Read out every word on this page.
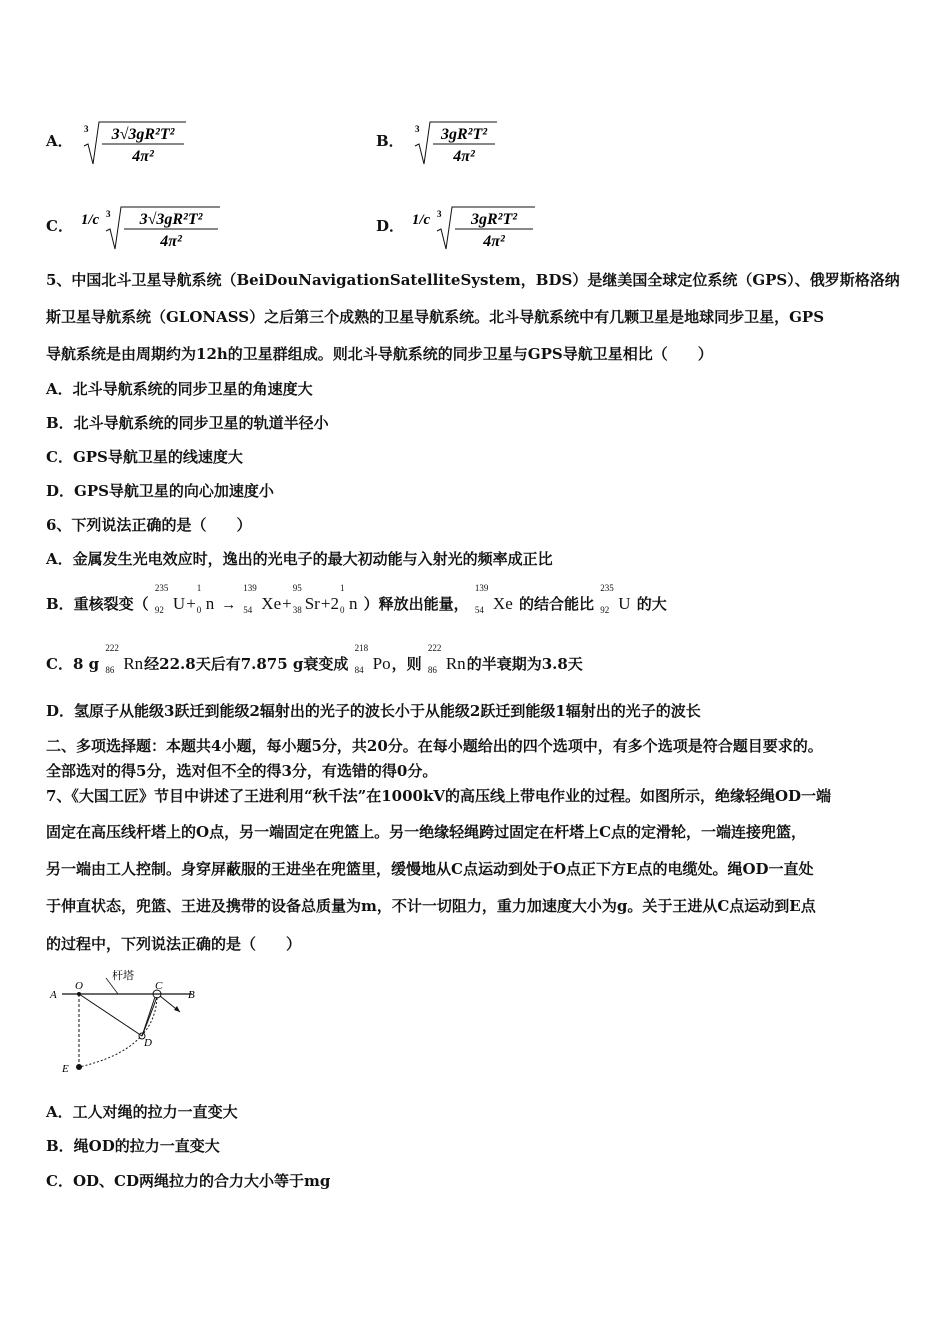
A．
3 3√3gR²T²
4π²
B．
3 3gR²T²
4π²
C． 1/c 3 3√3gR²T²
4π²
D． 1/c 3 3gR²T²
4π²
5、中国北斗卫星导航系统（BeiDouNavigationSatelliteSystem，BDS）是继美国全球定位系统（GPS）、俄罗斯格洛纳
斯卫星导航系统（GLONASS）之后第三个成熟的卫星导航系统。北斗导航系统中有几颗卫星是地球同步卫星，GPS
导航系统是由周期约为12h的卫星群组成。则北斗导航系统的同步卫星与GPS导航卫星相比（　　）
A．北斗导航系统的同步卫星的角速度大
B．北斗导航系统的同步卫星的轨道半径小
C．GPS导航卫星的线速度大
D．GPS导航卫星的向心加速度小
6、下列说法正确的是（　　）
A．金属发生光电效应时，逸出的光电子的最大初动能与入射光的频率成正比
B．重核裂变（
235
92 U+
1
0 n →
139
54 Xe+
95
38 Sr+2
1
0 n ）释放出能量，
139
54 Xe 的结合能比
235
92 U 的大
C．8 g
222
86 Rn经22.8天后有7.875 g衰变成
218
84 Po，则
222
86 Rn的半衰期为3.8天
D．氢原子从能级3跃迁到能级2辐射出的光子的波长小于从能级2跃迁到能级1辐射出的光子的波长
二、多项选择题：本题共4小题，每小题5分，共20分。在每小题给出的四个选项中，有多个选项是符合题目要求的。
全部选对的得5分，选对但不全的得3分，有选错的得0分。
7、《大国工匠》节目中讲述了王进利用“秋千法”在1000kV的高压线上带电作业的过程。如图所示，绝缘轻绳OD一端
固定在高压线杆塔上的O点，另一端固定在兜篮上。另一绝缘轻绳跨过固定在杆塔上C点的定滑轮，一端连接兜篮，
另一端由工人控制。身穿屏蔽服的王进坐在兜篮里，缓慢地从C点运动到处于O点正下方E点的电缆处。绳OD一直处
于伸直状态，兜篮、王进及携带的设备总质量为m，不计一切阻力，重力加速度大小为g。关于王进从C点运动到E点
的过程中，下列说法正确的是（　　）
杆塔
A
O	C
B
D
E
A．工人对绳的拉力一直变大
B．绳OD的拉力一直变大
C．OD、CD两绳拉力的合力大小等于mg
